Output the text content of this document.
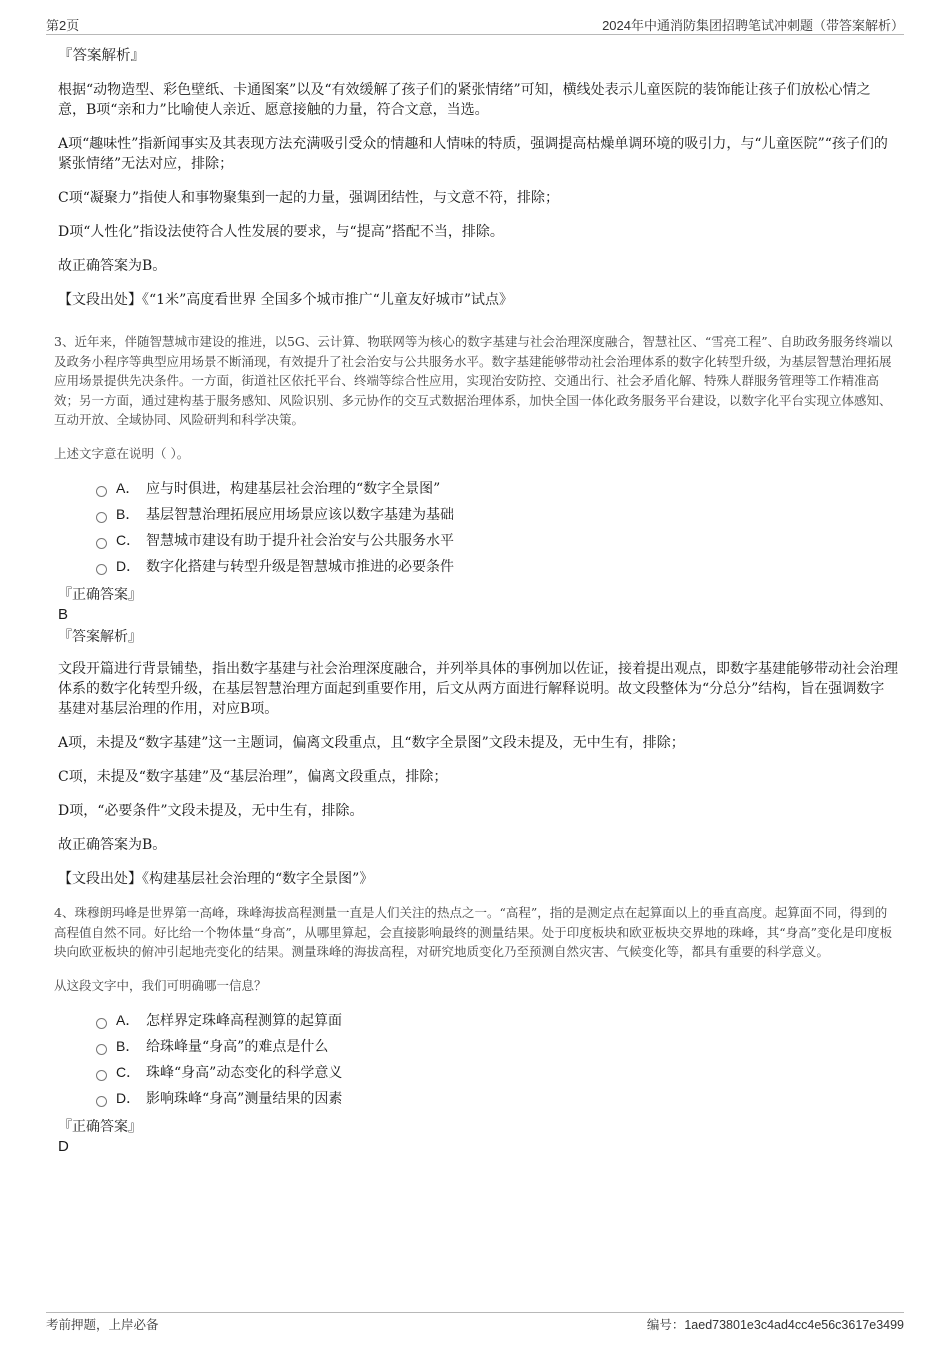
第2页	2024年中通消防集团招聘笔试冲刺题（带答案解析）
『答案解析』

根据“动物造型、彩色壁纸、卡通图案”以及“有效缓解了孩子们的紧张情绪”可知，横线处表示儿童医院的装饰能让孩子们放松心情之意，B项“亲和力”比喻使人亲近、愿意接触的力量，符合文意，当选。

A项“趣味性”指新闻事实及其表现方法充满吸引受众的情趣和人情味的特质，强调提高枯燥单调环境的吸引力，与“儿童医院”“孩子们的紧张情绪”无法对应，排除；

C项“凝聚力”指使人和事物聚集到一起的力量，强调团结性，与文意不符，排除；

D项“人性化”指设法使符合人性发展的要求，与“提高”搭配不当，排除。

故正确答案为B。

【文段出处】《“1米”高度看世界 全国多个城市推广“儿童友好城市”试点》

3、近年来，伴随智慧城市建设的推进，以5G、云计算、物联网等为核心的数字基建与社会治理深度融合，智慧社区、“雪亮工程”、自助政务服务终端以及政务小程序等典型应用场景不断涌现，有效提升了社会治安与公共服务水平。数字基建能够带动社会治理体系的数字化转型升级，为基层智慧治理拓展应用场景提供先决条件。一方面，街道社区依托平台、终端等综合性应用，实现治安防控、交通出行、社会矛盾化解、特殊人群服务管理等工作精准高效；另一方面，通过建构基于服务感知、风险识别、多元协作的交互式数据治理体系，加快全国一体化政务服务平台建设，以数字化平台实现立体感知、互动开放、全域协同、风险研判和科学决策。

上述文字意在说明（ ）。

A． 应与时俱进，构建基层社会治理的“数字全景图”
B． 基层智慧治理拓展应用场景应该以数字基建为基础
C． 智慧城市建设有助于提升社会治安与公共服务水平
D． 数字化搭建与转型升级是智慧城市推进的必要条件
『正确答案』
B
『答案解析』

文段开篇进行背景铺垫，指出数字基建与社会治理深度融合，并列举具体的事例加以佐证，接着提出观点，即数字基建能够带动社会治理体系的数字化转型升级，在基层智慧治理方面起到重要作用，后文从两方面进行解释说明。故文段整体为“分总分”结构，旨在强调数字基建对基层治理的作用，对应B项。

A项，未提及“数字基建”这一主题词，偏离文段重点，且“数字全景图”文段未提及，无中生有，排除；

C项，未提及“数字基建”及“基层治理”，偏离文段重点，排除；

D项，“必要条件”文段未提及，无中生有，排除。

故正确答案为B。

【文段出处】《构建基层社会治理的“数字全景图”》

4、珠穆朗玛峰是世界第一高峰，珠峰海拔高程测量一直是人们关注的热点之一。“高程”，指的是测定点在起算面以上的垂直高度。起算面不同，得到的高程值自然不同。好比给一个物体量“身高”，从哪里算起，会直接影响最终的测量结果。处于印度板块和欧亚板块交界地的珠峰，其“身高”变化是印度板块向欧亚板块的俯冲引起地壳变化的结果。测量珠峰的海拔高程，对研究地质变化乃至预测自然灾害、气候变化等，都具有重要的科学意义。

从这段文字中，我们可明确哪一信息？

A． 怎样界定珠峰高程测算的起算面
B． 给珠峰量“身高”的难点是什么
C． 珠峰“身高”动态变化的科学意义
D． 影响珠峰“身高”测量结果的因素
『正确答案』
D
考前押题，上岸必备	编号：1aed73801e3c4ad4cc4e56c3617e3499
